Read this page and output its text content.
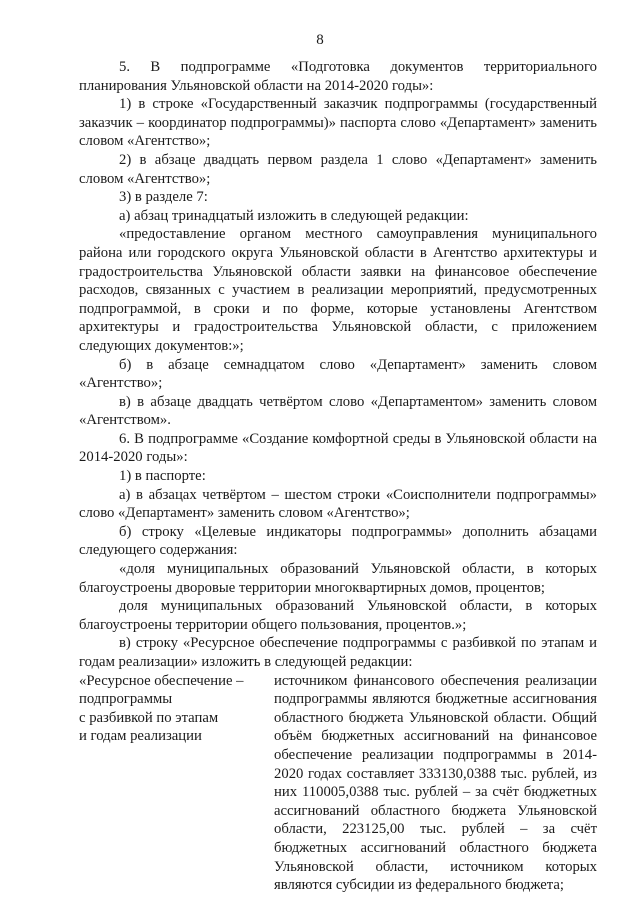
8

5. В подпрограмме «Подготовка документов территориального планирования Ульяновской области на 2014-2020 годы»:

1) в строке «Государственный заказчик подпрограммы (государственный заказчик – координатор подпрограммы)» паспорта слово «Департамент» заменить словом «Агентство»;

2) в абзаце двадцать первом раздела 1 слово «Департамент» заменить словом «Агентство»;

3) в разделе 7:

а) абзац тринадцатый изложить в следующей редакции:

«предоставление органом местного самоуправления муниципального района или городского округа Ульяновской области в Агентство архитектуры и градостроительства Ульяновской области заявки на финансовое обеспечение расходов, связанных с участием в реализации мероприятий, предусмотренных подпрограммой, в сроки и по форме, которые установлены Агентством архитектуры и градостроительства Ульяновской области, с приложением следующих документов:»;

б) в абзаце семнадцатом слово «Департамент» заменить словом «Агентство»;

в) в абзаце двадцать четвёртом слово «Департаментом» заменить словом «Агентством».

6. В подпрограмме «Создание комфортной среды в Ульяновской области на 2014-2020 годы»:

1) в паспорте:

а) в абзацах четвёртом – шестом строки «Соисполнители подпрограммы» слово «Департамент» заменить словом «Агентство»;

б) строку «Целевые индикаторы подпрограммы» дополнить абзацами следующего содержания:

«доля муниципальных образований Ульяновской области, в которых благоустроены дворовые территории многоквартирных домов, процентов;

доля муниципальных образований Ульяновской области, в которых благоустроены территории общего пользования, процентов.»;

в) строку «Ресурсное обеспечение подпрограммы с разбивкой по этапам и годам реализации» изложить в следующей редакции:

«Ресурсное обеспечение –
подпрограммы
с разбивкой по этапам
и годам реализации
источником финансового обеспечения реализации подпрограммы являются бюджетные ассигнования областного бюджета Ульяновской области. Общий объём бюджетных ассигнований на финансовое обеспечение реализации подпрограммы в 2014-2020 годах составляет 333130,0388 тыс. рублей, из них 110005,0388 тыс. рублей – за счёт бюджетных ассигнований областного бюджета Ульяновской области, 223125,00 тыс. рублей – за счёт бюджетных ассигнований областного бюджета Ульяновской области, источником которых являются субсидии из федерального бюджета;
